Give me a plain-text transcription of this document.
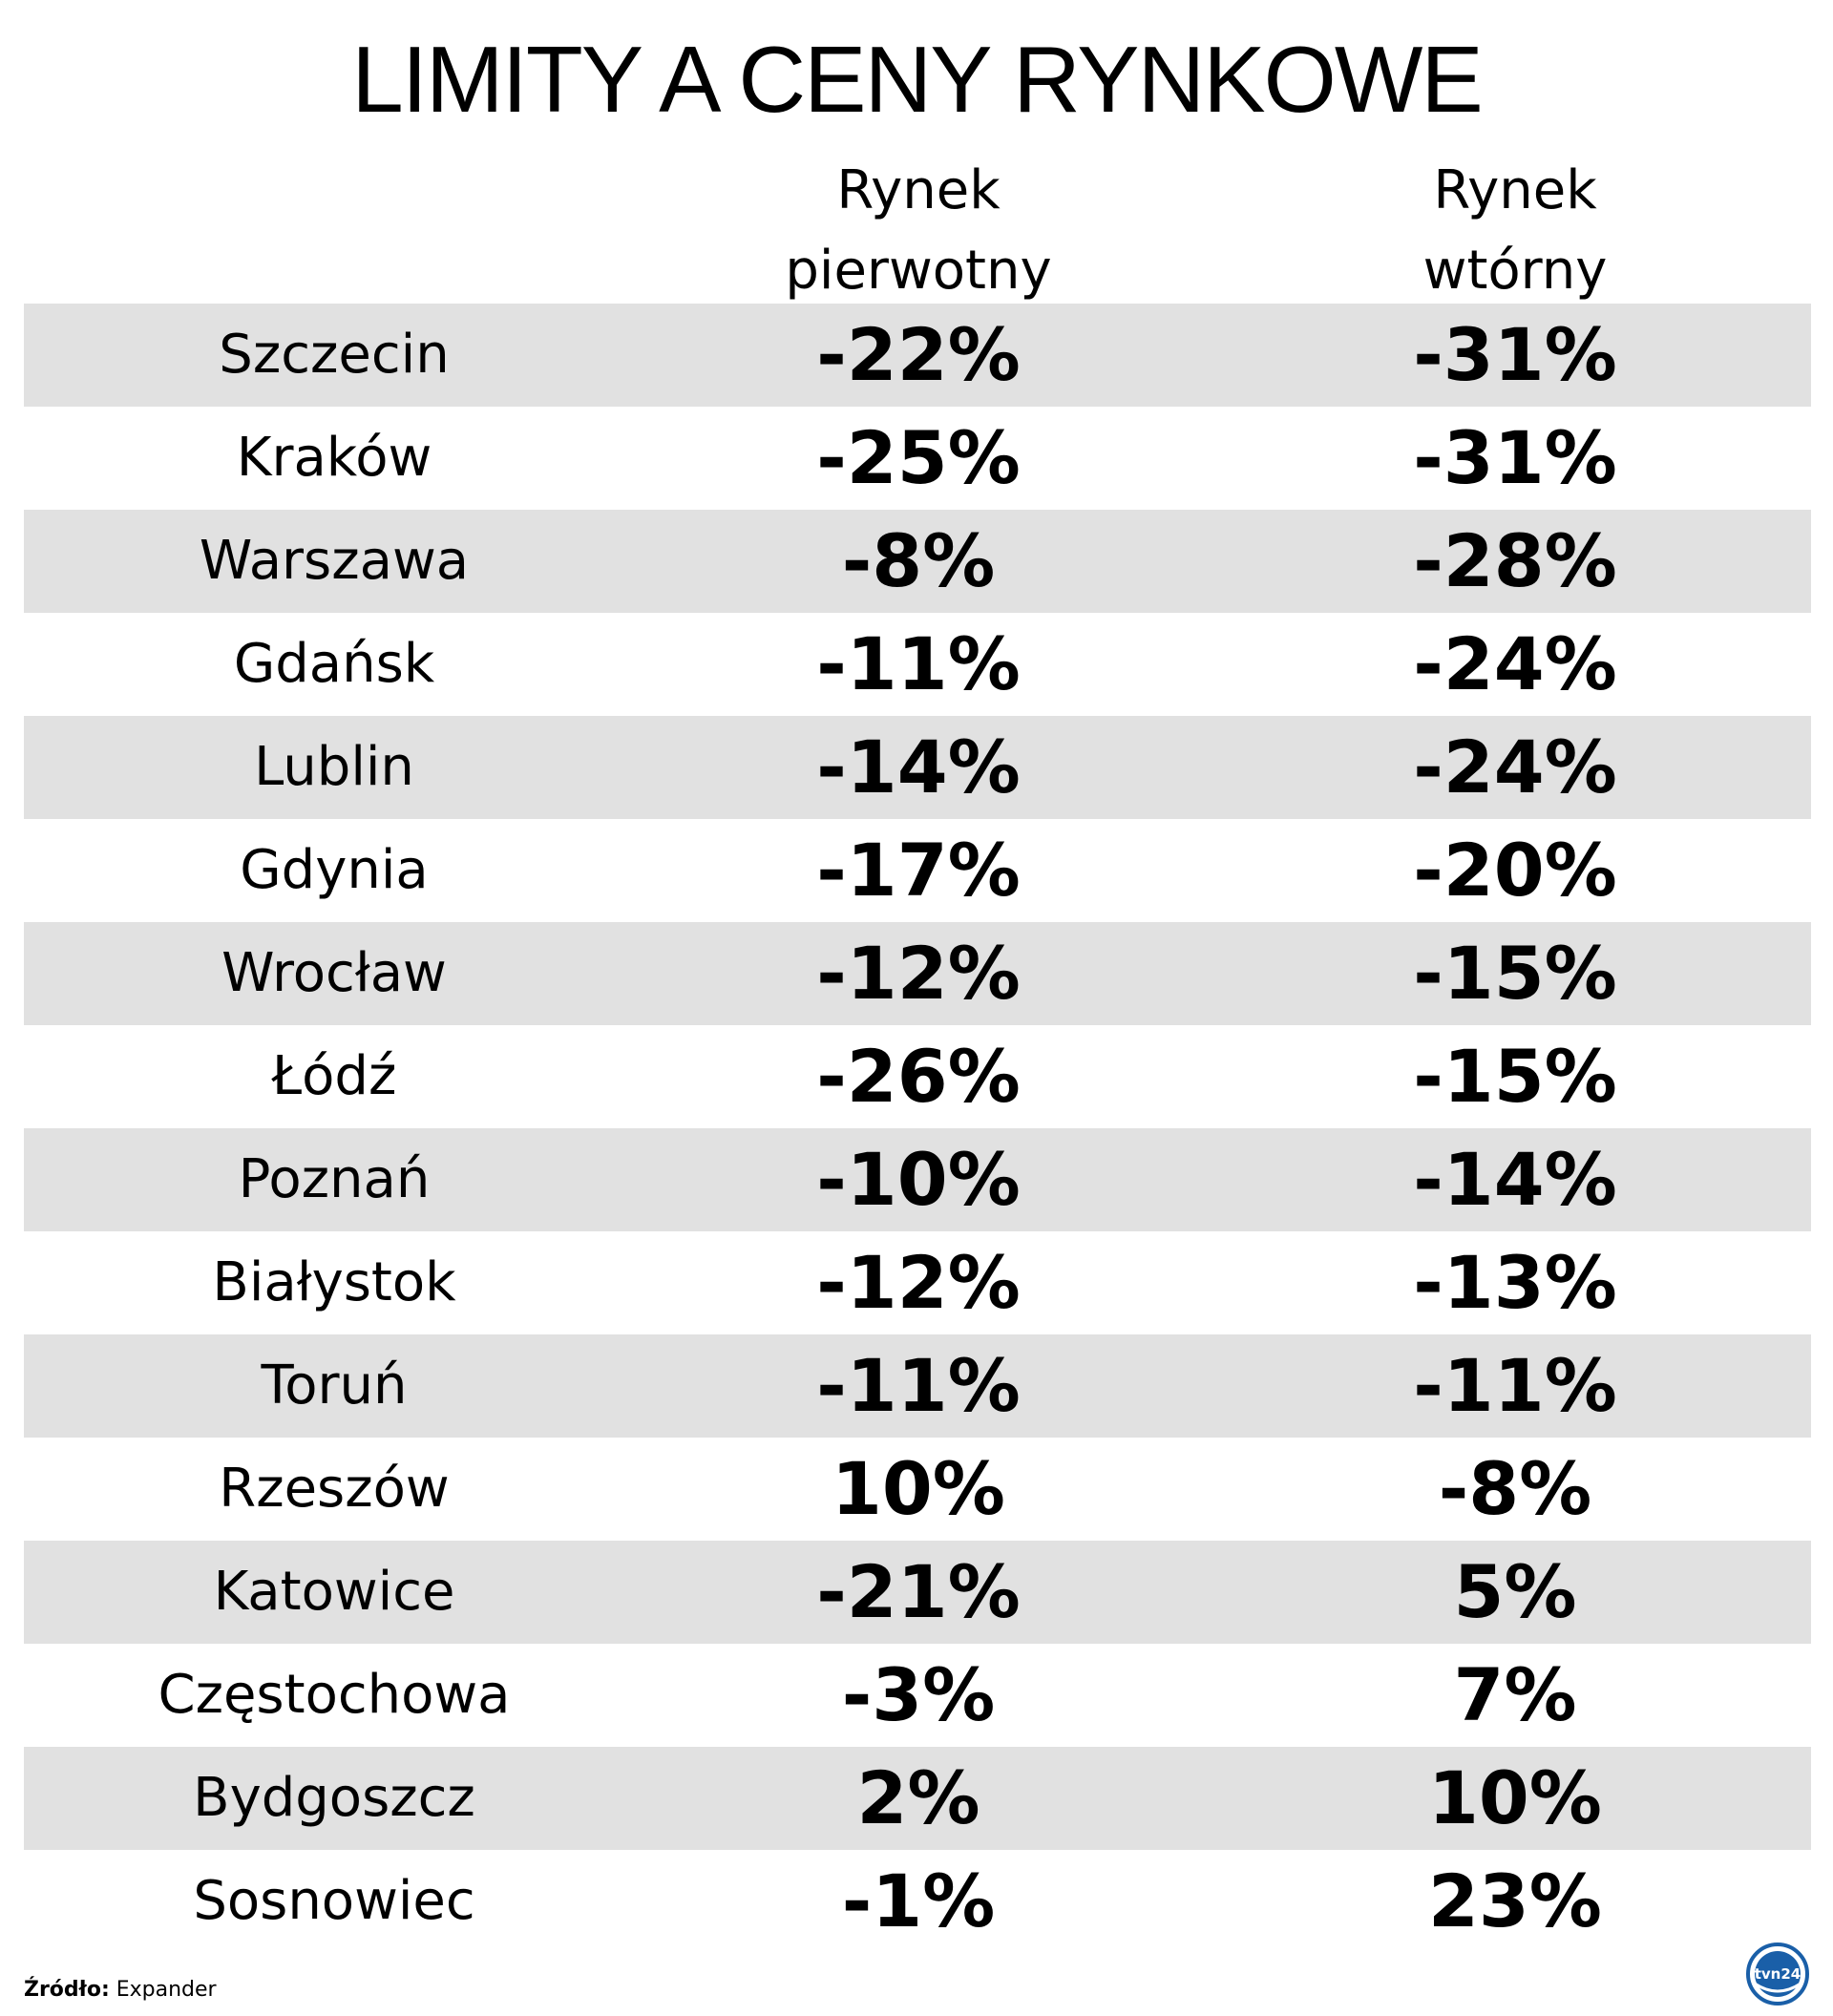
LIMITY A CENY RYNKOWE
Rynek
pierwotny
Rynek
wtórny
Szczecin	-22%	-31%
Kraków	-25%	-31%
Warszawa	-8%	-28%
Gdańsk	-11%	-24%
Lublin	-14%	-24%
Gdynia	-17%	-20%
Wrocław	-12%	-15%
Łódź	-26%	-15%
Poznań	-10%	-14%
Białystok	-12%	-13%
Toruń	-11%	-11%
Rzeszów	10%	-8%
Katowice	-21%	5%
Częstochowa	-3%	7%
Bydgoszcz	2%	10%
Sosnowiec	-1%	23%
Źródło: Expander
tvn24
